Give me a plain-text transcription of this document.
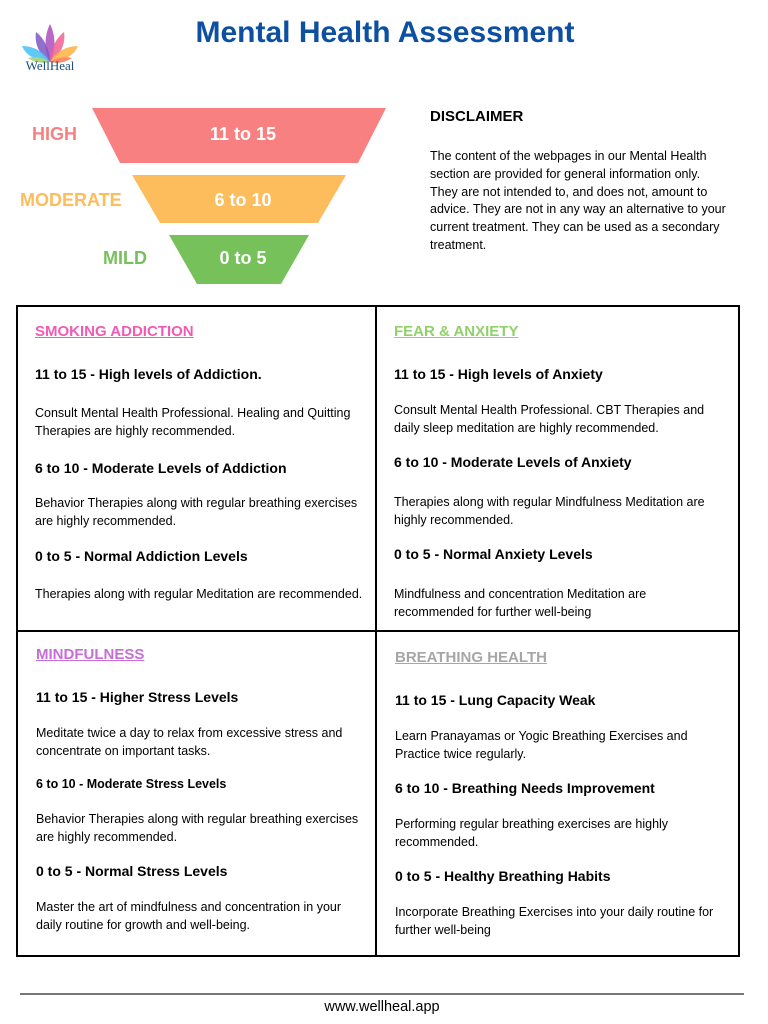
WellHeal
Mental Health Assessment
HIGH	11 to 15
MODERATE	6 to 10
MILD	0 to 5
DISCLAIMER
The content of the webpages in our Mental Health section are provided for general information only. They are not intended to, and does not, amount to advice. They are not in any way an alternative to your current treatment. They can be used as a secondary treatment.
SMOKING ADDICTION
11 to 15 - High levels of Addiction.
Consult Mental Health Professional. Healing and Quitting Therapies are highly recommended.
6 to 10 - Moderate Levels of Addiction
Behavior Therapies along with regular breathing exercises are highly recommended.
0 to 5 - Normal Addiction Levels
Therapies along with regular Meditation are recommended.
FEAR & ANXIETY
11 to 15 - High levels of Anxiety
Consult Mental Health Professional. CBT Therapies and daily sleep meditation are highly recommended.
6 to 10 - Moderate Levels of Anxiety
Therapies along with regular Mindfulness Meditation are highly recommended.
0 to 5 - Normal Anxiety Levels
Mindfulness and concentration Meditation are recommended for further well-being
MINDFULNESS
11 to 15 - Higher Stress Levels
Meditate twice a day to relax from excessive stress and concentrate on important tasks.
6 to 10 - Moderate Stress Levels
Behavior Therapies along with regular breathing exercises are highly recommended.
0 to 5 - Normal Stress Levels
Master the art of mindfulness and concentration in your daily routine for growth and well-being.
BREATHING HEALTH
11 to 15 - Lung Capacity Weak
Learn Pranayamas or Yogic Breathing Exercises and Practice twice regularly.
6 to 10 - Breathing Needs Improvement
Performing regular breathing exercises are highly recommended.
0 to 5 - Healthy Breathing Habits
Incorporate Breathing Exercises into your daily routine for further well-being
www.wellheal.app
